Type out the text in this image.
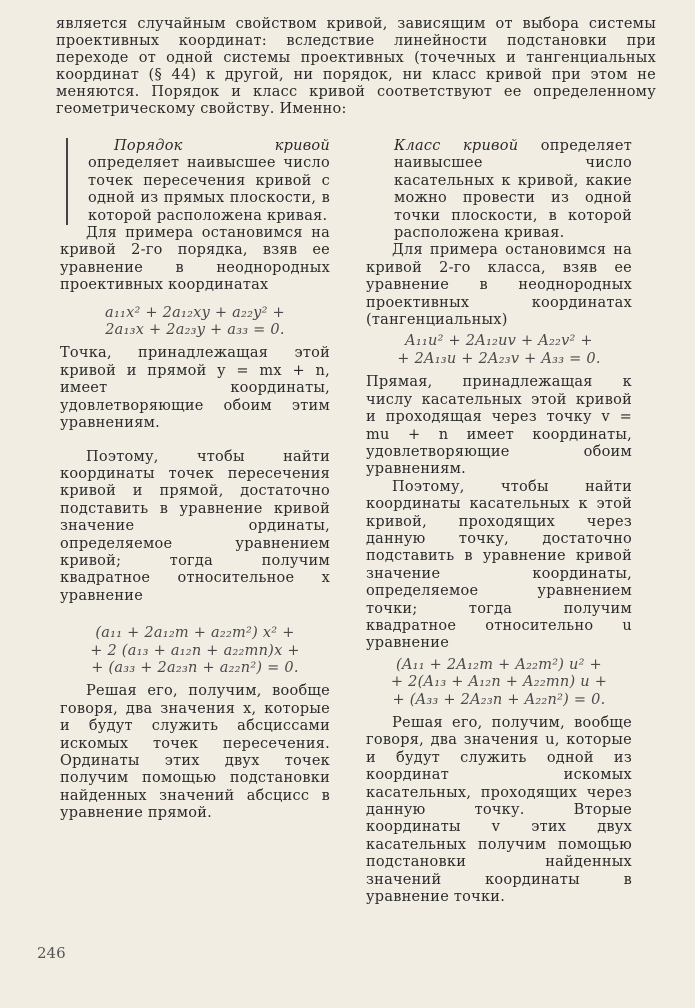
является случайным свойством кривой, зависящим от выбора системы проективных координат: вследствие линейности подстановки при переходе от одной системы проективных (точечных и тангенциальных координат (§ 44) к другой, ни порядок, ни класс кривой при этом не меняются. Порядок и класс кривой соответствуют ее определенному геометрическому свойству. Именно:

Порядок кривой определяет наивысшее число точек пересечения кривой с одной из прямых плоскости, в которой расположена кривая.

Для примера остановимся на кривой 2-го порядка, взяв ее уравнение в неоднородных проективных координатах

a₁₁x² + 2a₁₂xy + a₂₂y² +
2a₁₃x + 2a₂₃y + a₃₃ = 0.

Точка, принадлежащая этой кривой и прямой y = mx + n, имеет координаты, удовлетворяющие обоим этим уравнениям.

Поэтому, чтобы найти координаты точек пересечения кривой и прямой, достаточно подставить в уравнение кривой значение ординаты, определяемое уравнением кривой; тогда получим квадратное относительное x уравнение

(a₁₁ + 2a₁₂m + a₂₂m²) x² +
+ 2 (a₁₃ + a₁₂n + a₂₂mn)x +
+ (a₃₃ + 2a₂₃n + a₂₂n²) = 0.

Решая его, получим, вообще говоря, два значения x, которые и будут служить абсциссами искомых точек пересечения. Ординаты этих двух точек получим помощью подстановки найденных значений абсцисс в уравнение прямой.

Класс кривой определяет наивысшее число касательных к кривой, какие можно провести из одной точки плоскости, в которой расположена кривая.

Для примера остановимся на кривой 2-го класса, взяв ее уравнение в неоднородных проективных координатах (тангенциальных)

A₁₁u² + 2A₁₂uv + A₂₂v² +
+ 2A₁₃u + 2A₂₃v + A₃₃ = 0.

Прямая, принадлежащая к числу касательных этой кривой и проходящая через точку v = mu + n имеет координаты, удовлетворяющие обоим уравнениям.

Поэтому, чтобы найти координаты касательных к этой кривой, проходящих через данную точку, достаточно подставить в уравнение кривой значение координаты, определяемое уравнением точки; тогда получим квадратное относительно u уравнение

(A₁₁ + 2A₁₂m + A₂₂m²) u² +
+ 2(A₁₃ + A₁₂n + A₂₂mn) u +
+ (A₃₃ + 2A₂₃n + A₂₂n²) = 0.

Решая его, получим, вообще говоря, два значения u, которые и будут служить одной из координат искомых касательных, проходящих через данную точку. Вторые координаты v этих двух касательных получим помощью подстановки найденных значений координаты в уравнение точки.

246
